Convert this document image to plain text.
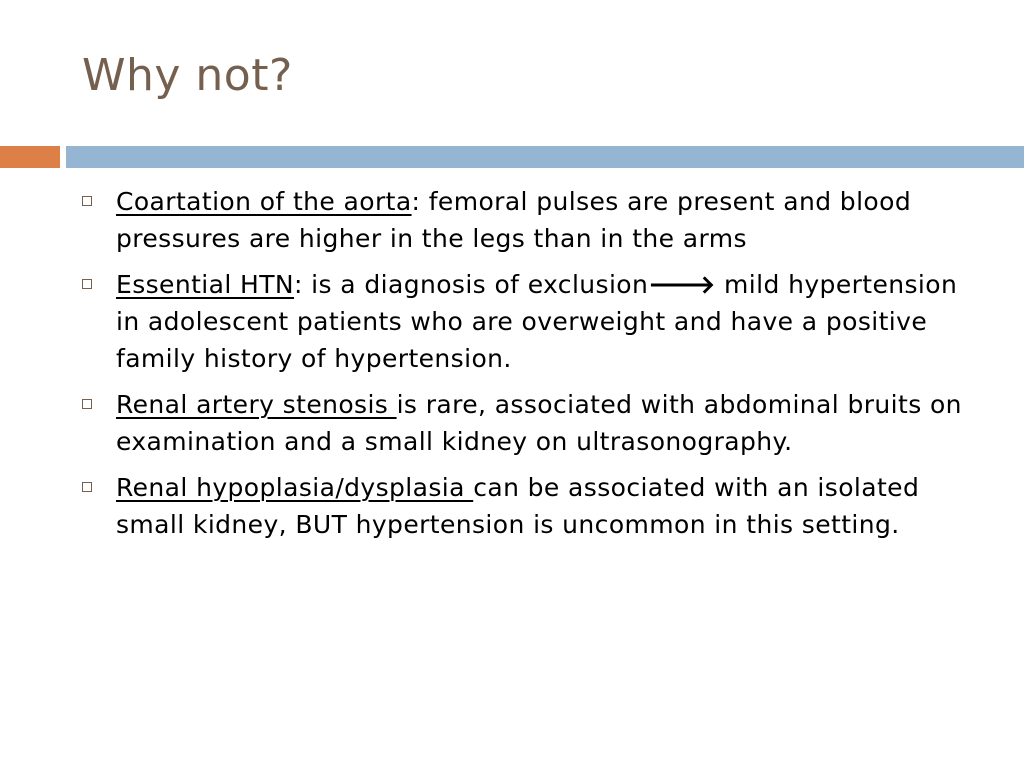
Why not?
Coartation of the aorta: femoral pulses are present and blood pressures are higher in the legs than in the arms
Essential HTN: is a diagnosis of exclusion🡒 mild hypertension in adolescent patients who are overweight and have a positive family history of hypertension.
Renal artery stenosis is rare, associated with abdominal bruits on examination and a small kidney on ultrasonography.
Renal hypoplasia/dysplasia can be associated with an isolated small kidney, BUT hypertension is uncommon in this setting.
